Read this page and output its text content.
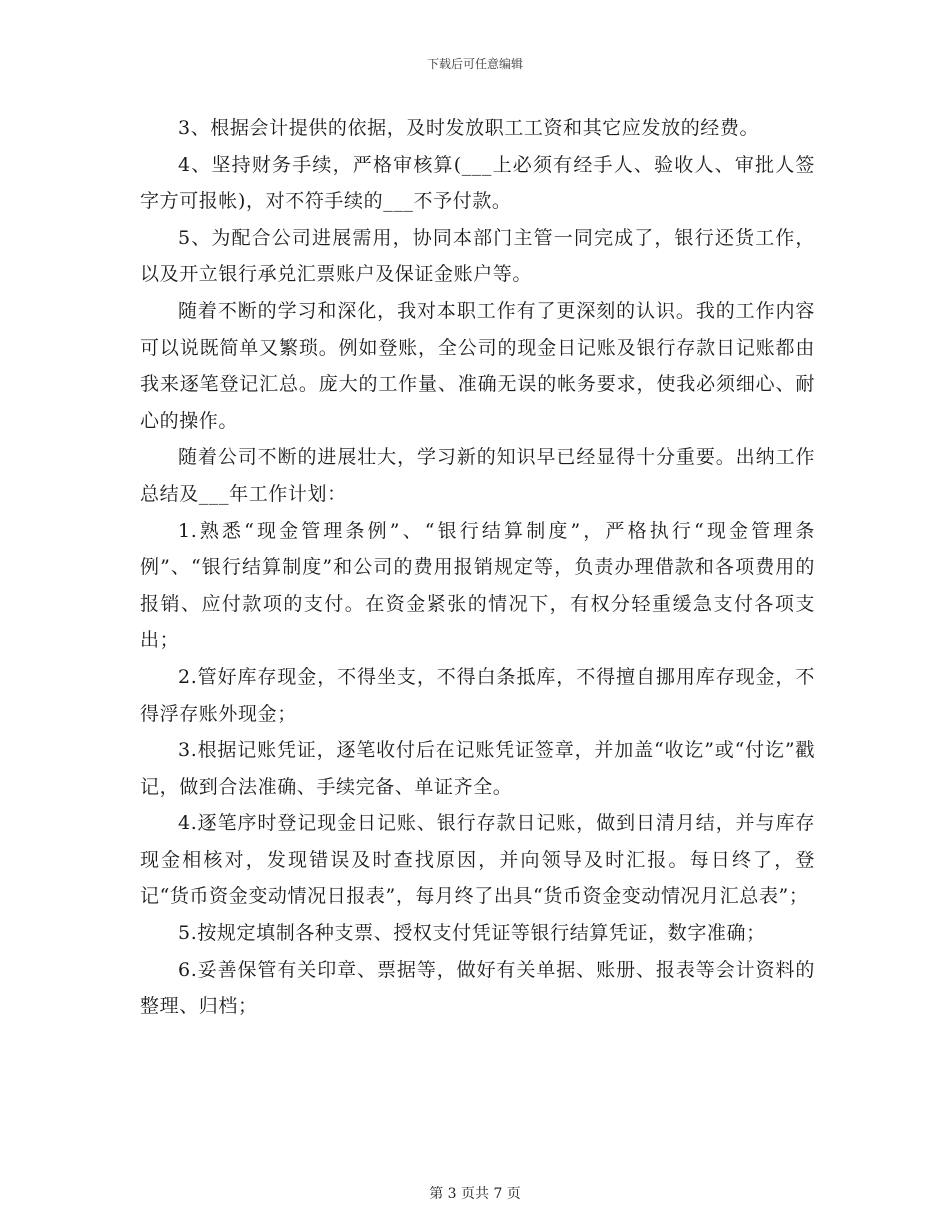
下载后可任意编辑

3、根据会计提供的依据，及时发放职工工资和其它应发放的经费。

4、坚持财务手续，严格审核算(___上必须有经手人、验收人、审批人签字方可报帐)，对不符手续的___不予付款。

5、为配合公司进展需用，协同本部门主管一同完成了，银行还货工作，以及开立银行承兑汇票账户及保证金账户等。

随着不断的学习和深化，我对本职工作有了更深刻的认识。我的工作内容可以说既简单又繁琐。例如登账，全公司的现金日记账及银行存款日记账都由我来逐笔登记汇总。庞大的工作量、准确无误的帐务要求，使我必须细心、耐心的操作。

随着公司不断的进展壮大，学习新的知识早已经显得十分重要。出纳工作总结及___年工作计划：

1.熟悉“现金管理条例”、“银行结算制度”，严格执行“现金管理条例”、“银行结算制度”和公司的费用报销规定等，负责办理借款和各项费用的报销、应付款项的支付。在资金紧张的情况下，有权分轻重缓急支付各项支出；

2.管好库存现金，不得坐支，不得白条抵库，不得擅自挪用库存现金，不得浮存账外现金；

3.根据记账凭证，逐笔收付后在记账凭证签章，并加盖“收讫”或“付讫”戳记，做到合法准确、手续完备、单证齐全。

4.逐笔序时登记现金日记账、银行存款日记账，做到日清月结，并与库存现金相核对，发现错误及时查找原因，并向领导及时汇报。每日终了，登记“货币资金变动情况日报表”，每月终了出具“货币资金变动情况月汇总表”；

5.按规定填制各种支票、授权支付凭证等银行结算凭证，数字准确；

6.妥善保管有关印章、票据等，做好有关单据、账册、报表等会计资料的整理、归档；

第 3 页共 7 页
